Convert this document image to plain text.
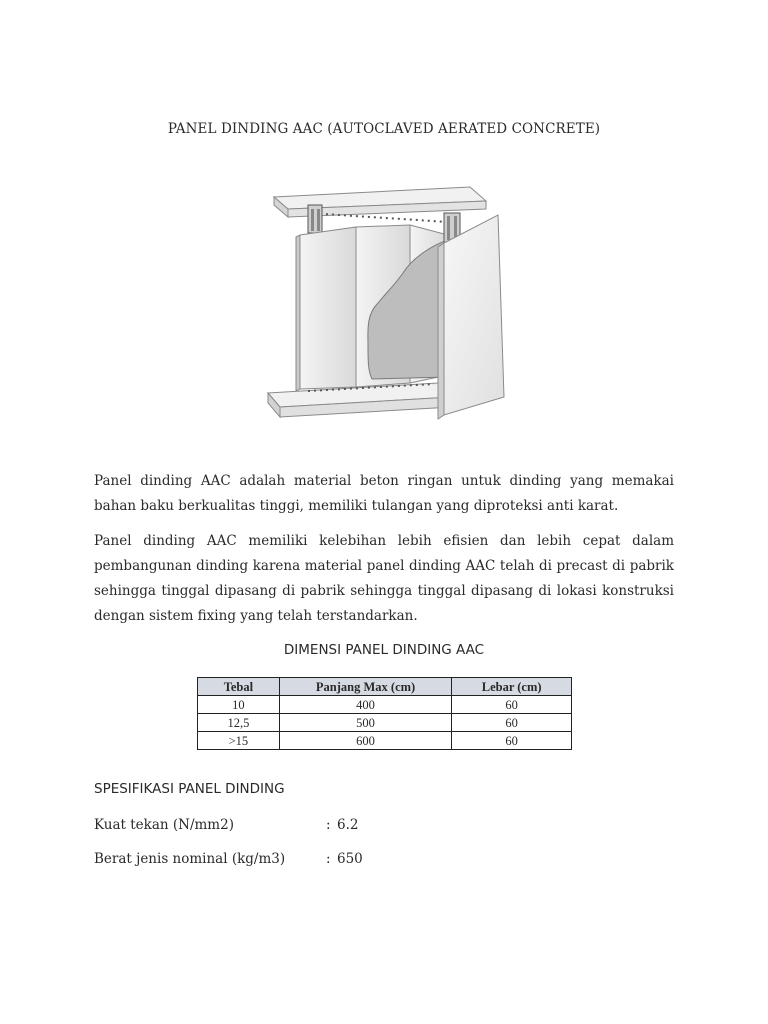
PANEL DINDING AAC (AUTOCLAVED AERATED CONCRETE)
Panel dinding AAC adalah material beton ringan untuk dinding yang memakai bahan baku berkualitas tinggi, memiliki tulangan yang diproteksi anti karat.
Panel dinding AAC memiliki kelebihan lebih efisien dan lebih cepat dalam pembangunan dinding karena material panel dinding AAC telah di precast di pabrik sehingga tinggal dipasang di pabrik sehingga tinggal dipasang di lokasi konstruksi dengan sistem fixing yang telah terstandarkan.
DIMENSI PANEL DINDING AAC
Tebal	Panjang Max (cm)	Lebar (cm)
10	400	60
12,5	500	60
>15	600	60
SPESIFIKASI PANEL DINDING
Kuat tekan (N/mm2)	: 6.2
Berat jenis nominal (kg/m3)	: 650
